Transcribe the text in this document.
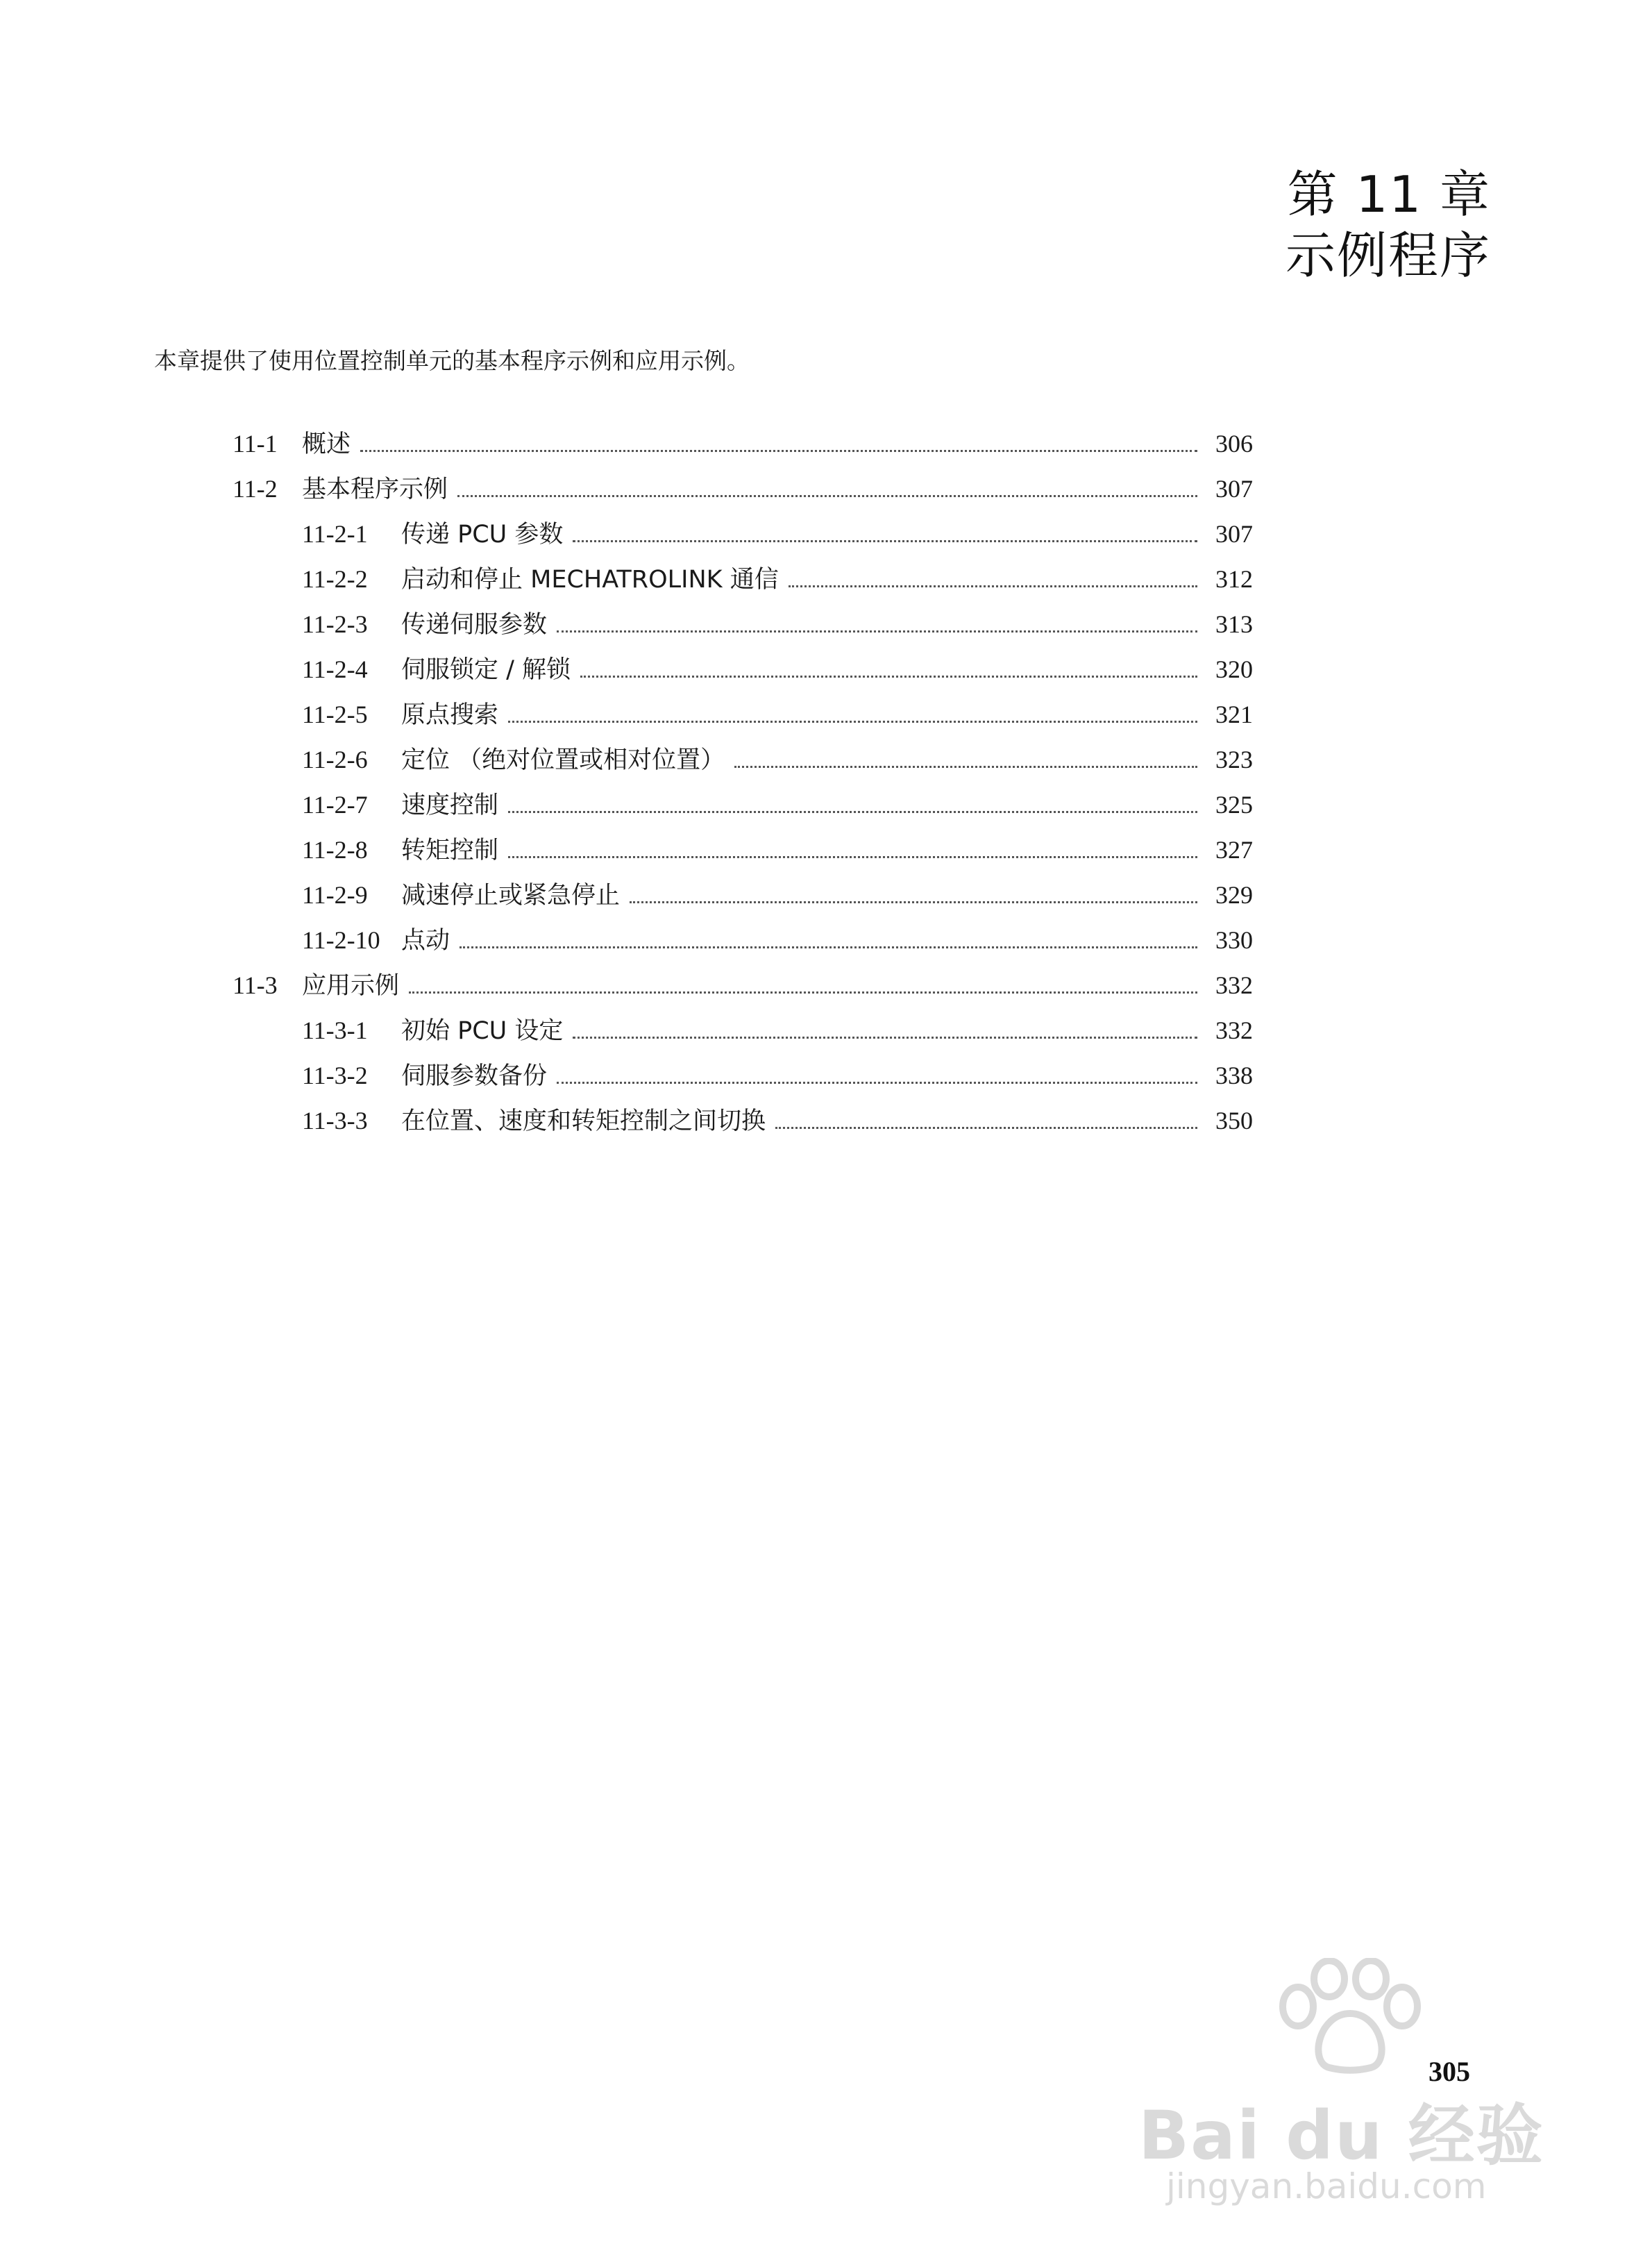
第 11 章
示例程序
本章提供了使用位置控制单元的基本程序示例和应用示例。
11-1	概述	306
11-2	基本程序示例	307
11-2-1	传递 PCU 参数	307
11-2-2	启动和停止 MECHATROLINK 通信	312
11-2-3	传递伺服参数	313
11-2-4	伺服锁定 / 解锁	320
11-2-5	原点搜索	321
11-2-6	定位 （绝对位置或相对位置）	323
11-2-7	速度控制	325
11-2-8	转矩控制	327
11-2-9	减速停止或紧急停止	329
11-2-10 点动	330
11-3	应用示例	332
11-3-1	初始 PCU 设定	332
11-3-2	伺服参数备份	338
11-3-3	在位置、速度和转矩控制之间切换	350
305
Bai du 经验
jingyan.baidu.com
